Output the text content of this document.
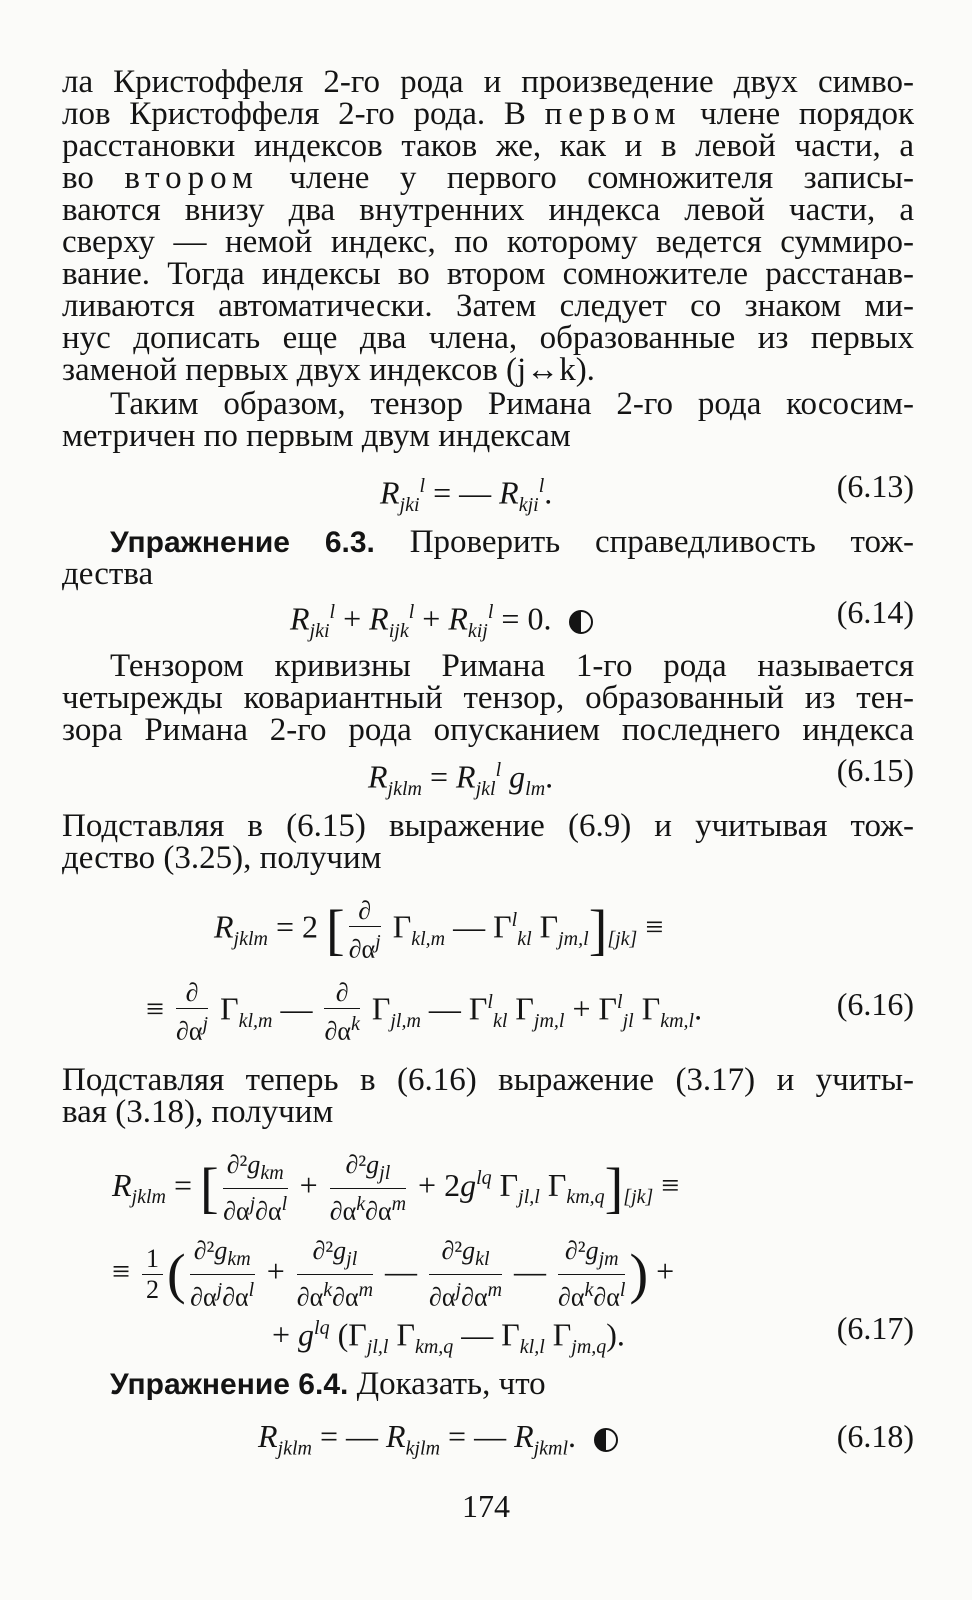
ла Кристоффеля 2-го рода и произведение двух симво-
лов Кристоффеля 2-го рода. В первом члене порядок
расстановки индексов таков же, как и в левой части, а
во втором члене у первого сомножителя записы-
ваются внизу два внутренних индекса левой части, а
сверху — немой индекс, по которому ведется суммиро-
вание. Тогда индексы во втором сомножителе расстанав-
ливаются автоматически. Затем следует со знаком ми-
нус дописать еще два члена, образованные из первых
заменой первых двух индексов (j↔k).
Таким образом, тензор Римана 2-го рода кососим-
метричен по первым двум индексам
$R_{jki}^l$ = — $R_{kji}^l$.	(6.13)
Упражнение 6.3. Проверить справедливость тож-
дества
$R_{jki}^l + R_{ijk}^l + R_{kij}^l = 0$.	(6.14)
Тензором кривизны Римана 1-го рода называется
четырежды ковариантный тензор, образованный из тен-
зора Римана 2-го рода опусканием последнего индекса
$R_{jklm} = R_{jkl}^l$ $g_{lm}$.	(6.15)
Подставляя в (6.15) выражение (6.9) и учитывая тож-
дество (3.25), получим
$R_{jklm} = 2$ [ $\frac{\partial}{\partial\alpha^j} \Gamma_{kl,m}$ — $\Gamma^l_{kl}$ $\Gamma_{jm,l}]_{[jk]}$ ≡
≡ $\frac{\partial}{\partial\alpha^j} \Gamma_{kl,m}$ — $\frac{\partial}{\partial\alpha^k} \Gamma_{jl,m}$ — $\Gamma^l_{kl}$ $\Gamma_{jm,l} + \Gamma^l_{jl}$ $\Gamma_{km,l}$.	(6.16)
Подставляя теперь в (6.16) выражение (3.17) и учиты-
вая (3.18), получим
$R_{jklm}$ = [ $\frac{\partial^2g_{km}}{\partial\alpha^j\partial\alpha^l} + \frac{\partial^2g_{jl}}{\partial\alpha^k\partial\alpha^m} + 2g^{lq}$ $\Gamma_{jl,l}$ $\Gamma_{km,q}]_{[jk]}$ ≡
≡ $\frac{1}{2}$ ( $\frac{\partial^2g_{km}}{\partial\alpha^j\partial\alpha^l} + \frac{\partial^2g_{jl}}{\partial\alpha^k\partial\alpha^m}$ — $\frac{\partial^2g_{kl}}{\partial\alpha^j\partial\alpha^m}$ — $\frac{\partial^2g_{jm}}{\partial\alpha^k\partial\alpha^l}$ ) +
+ $g^{lq}$ ($\Gamma_{jl,l}$ $\Gamma_{km,q}$ — $\Gamma_{kl,l}$ $\Gamma_{jm,q}$).	(6.17)
Упражнение 6.4. Доказать, что
$R_{jklm}$ = — $R_{kjlm}$ = — $R_{jkml}$.	(6.18)
174
